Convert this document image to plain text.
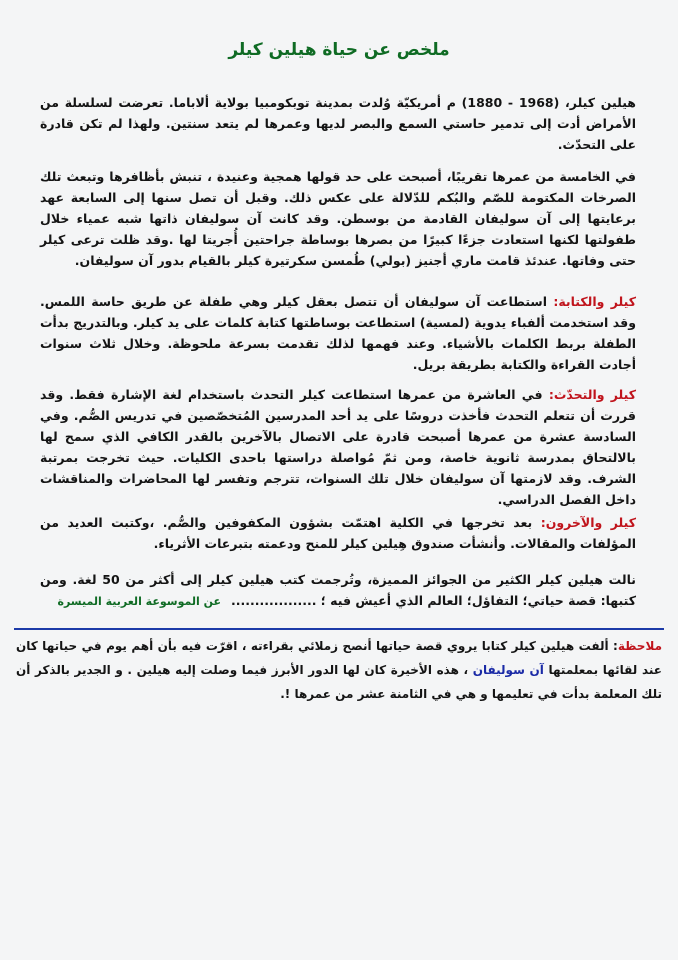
ملخص عن حياة هيلين كيلر
هيلين كيلر، (1968 - 1880) م أمريكيّة وُلدت بمدينة توبكومبيا بولاية ألاباما. تعرضت لسلسلة من الأمراض أدت إلى تدمير حاستي السمع والبصر لديها وعمرها لم يتعد سنتين. ولهذا لم تكن قادرة على التحدّث.
في الخامسة من عمرها تقريبًا، أصبحت على حد قولها همجية وعنيدة ، تنبش بأظافرها وتبعث تلك الصرخات المكتومة للصّم والبُكم للدّلالة على عكس ذلك. وقبل أن تصل سنها إلى السابعة عهد برعايتها إلى آن سوليفان القادمة من بوسطن. وقد كانت آن سوليفان ذاتها شبه عمياء خلال طفولتها لكنها استعادت جزءًا كبيرًا من بصرها بوساطة جراحتين أُجريتا لها .وقد ظلت ترعى كيلر حتى وفاتها. عندئذ قامت ماري أجنيز (بولي) طُمسن سكرتيرة كيلر بالقيام بدور آن سوليفان.
كيلر والكتابة: استطاعت آن سوليفان أن تتصل بعقل كيلر وهي طفلة عن طريق حاسة اللمس. وقد استخدمت ألفباء يدوية (لمسية) استطاعت بوساطتها كتابة كلمات على يد كيلر. وبالتدريج بدأت الطفلة بربط الكلمات بالأشياء. وعند فهمها لذلك تقدمت بسرعة ملحوظة. وخلال ثلاث سنوات أجادت القراءة والكتابة بطريقة بريل.
كيلر والتحدّث: في العاشرة من عمرها استطاعت كيلر التحدث باستخدام لغة الإشارة فقط. وقد قررت أن تتعلم التحدث فأخذت دروسًا على يد أحد المدرسين المُتخصّصين في تدريس الصُّم. وفي السادسة عشرة من عمرها أصبحت قادرة على الاتصال بالآخرين بالقدر الكافي الذي سمح لها بالالتحاق بمدرسة ثانوية خاصة، ومن ثمّ مُواصلة دراستها باحدى الكليات. حيث تخرجت بمرتبة الشرف. وقد لازمتها آن سوليفان خلال تلك السنوات، تترجم وتفسر لها المحاضرات والمناقشات داخل الفصل الدراسي.
كيلر والآخرون: بعد تخرجها في الكلية اهتمّت بشؤون المكفوفين والصُّم. ،وكتبت العديد من المؤلفات والمقالات. وأنشأت صندوق هِيلين كيلر للمنح ودعمته بتبرعات الأثرياء.
نالت هيلين كيلر الكثير من الجوائز المميزة، وتُرجمت كتب هيلين كيلر إلى أكثر من 50 لغة. ومن كتبها: قصة حياتي؛ التفاؤل؛ العالم الذي أعيش فيه ؛ ..................عن الموسوعة العربية الميسرة
ملاحظة: ألفت هيلين كيلر كتابا يروي قصة حياتها أنصح زملائي بقراءته ، اقرّت فيه بأن أهم يوم في حياتها كان عند لقائها بمعلمتها آن سوليفان ، هذه الأخيرة كان لها الدور الأبرز فيما وصلت إليه هيلين . و الجدير بالذكر أن تلك المعلمة بدأت في تعليمها و هي في الثامنة عشر من عمرها !.
